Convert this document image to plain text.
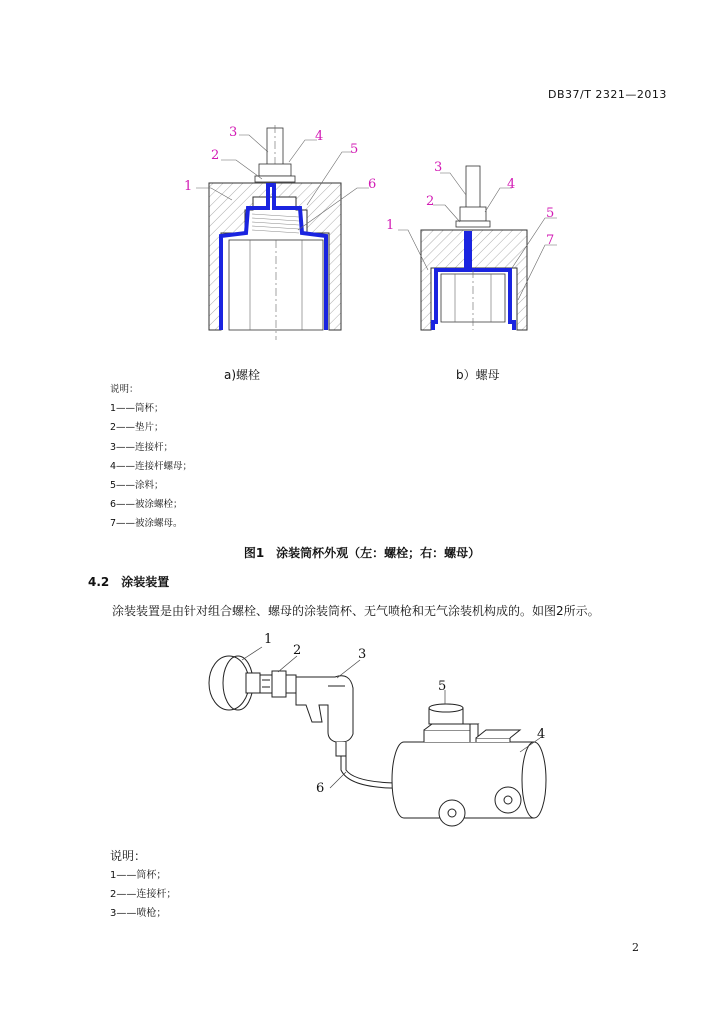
DB37/T 2321—2013
1
2
3	4
5
6
1
2
3
4
5
7
a)螺栓	b）螺母
说明：
1——筒杯；
2——垫片；
3——连接杆；
4——连接杆螺母；
5——涂料；
6——被涂螺栓；
7——被涂螺母。
图1　涂装筒杯外观（左：螺栓；右：螺母）
4.2　涂装装置
涂装装置是由针对组合螺栓、螺母的涂装筒杯、无气喷枪和无气涂装机构成的。如图2所示。
1
2	3
4
5
6
说明：
1——筒杯；
2——连接杆；
3——喷枪；
2
